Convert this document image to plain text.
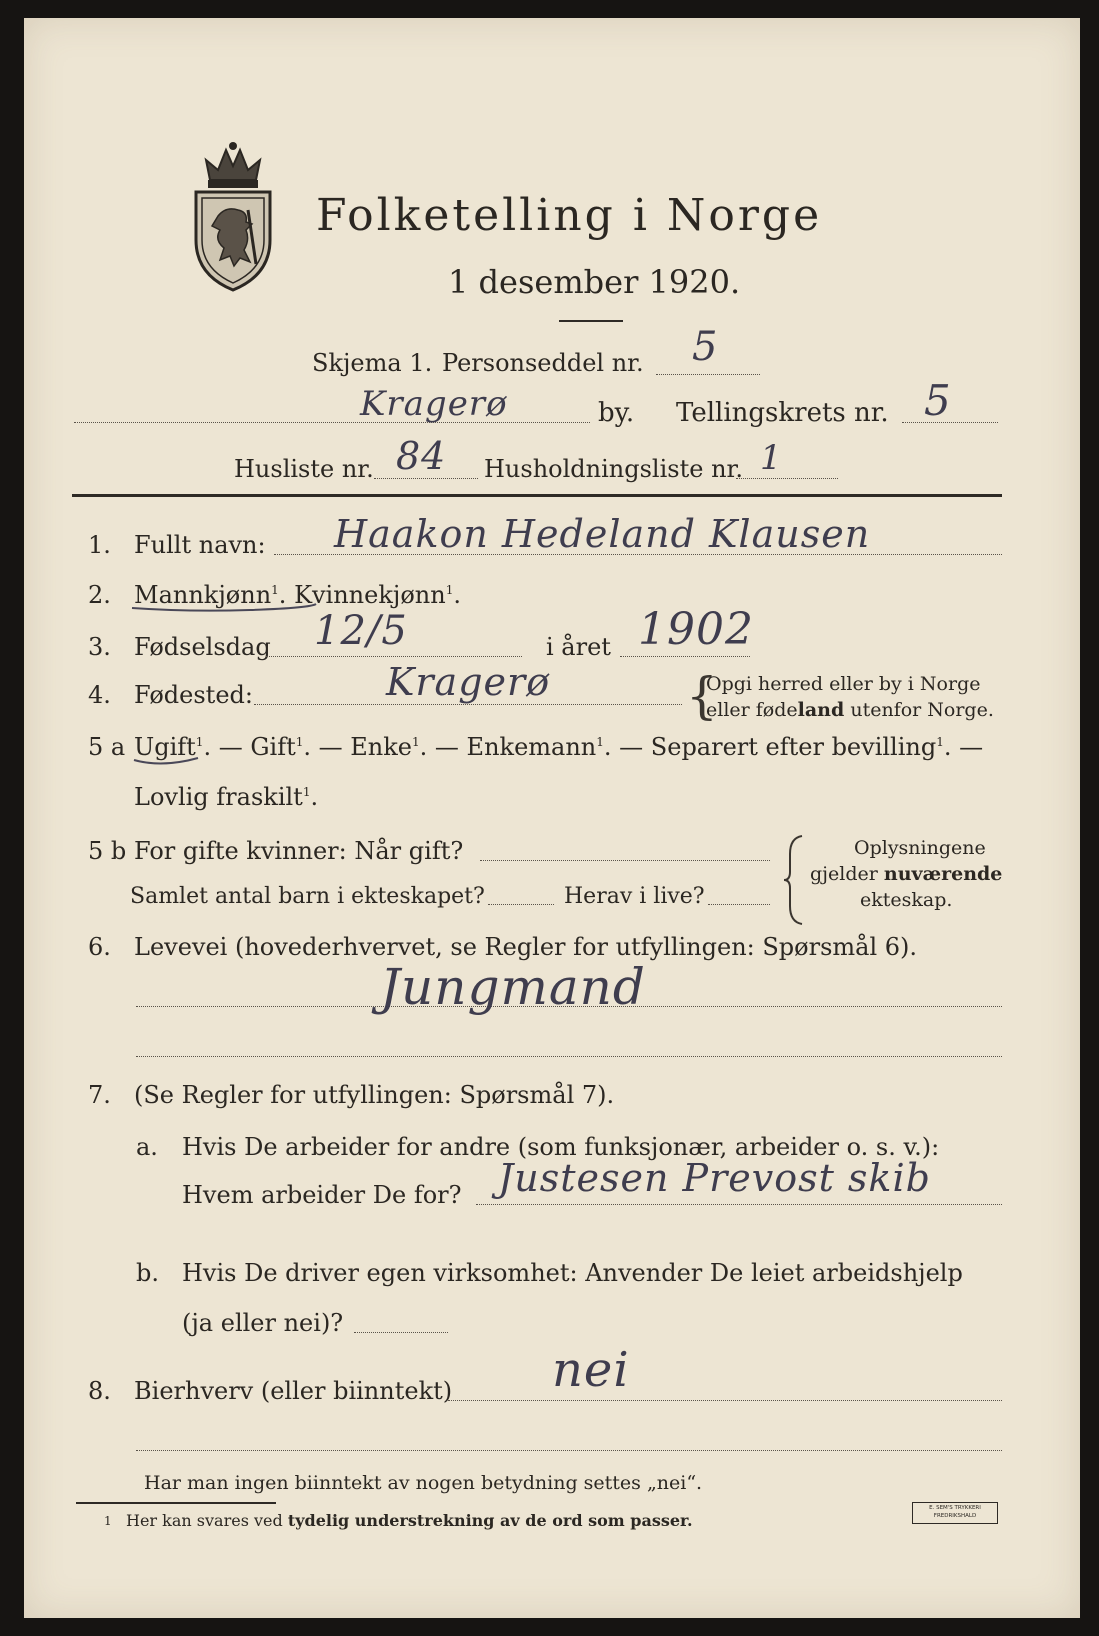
Folketelling i Norge
1 desember 1920.
Skjema 1. Personseddel nr. 5
Kragerø	by. Tellingskrets nr. 5
Husliste nr. 84 Husholdningsliste nr. 1
1. Fullt navn: Haakon Hedeland Klausen
2. Mannkjønn$^1$. Kvinnekjønn$^1$.
3. Fødselsdag 12/5	i året 1902
4. Fødested:	Kragerø	{
Opgi herred eller by i Norge
eller fødeland utenfor Norge.
5 a Ugift$^1$. — Gift$^1$. — Enke$^1$. — Enkemann$^1$. — Separert efter bevilling$^1$. —
Lovlig fraskilt$^1$.
5 b For gifte kvinner: Når gift?
Samlet antal barn i ekteskapet?	Herav i live?
Oplysningene
gjelder nuværende
ekteskap.
6. Levevei (hovederhvervet, se Regler for utfyllingen: Spørsmål 6).
Jungmand
7. (Se Regler for utfyllingen: Spørsmål 7).
a. Hvis De arbeider for andre (som funksjonær, arbeider o. s. v.):
Hvem arbeider De for? Justesen Prevost skib
b. Hvis De driver egen virksomhet: Anvender De leiet arbeidshjelp
(ja eller nei)?
8. Bierhverv (eller biinntekt) nei
Har man ingen biinntekt av nogen betydning settes „nei“.
1 Her kan svares ved tydelig understrekning av de ord som passer.
E. SEM'S TRYKKERI
FREDRIKSHALD
